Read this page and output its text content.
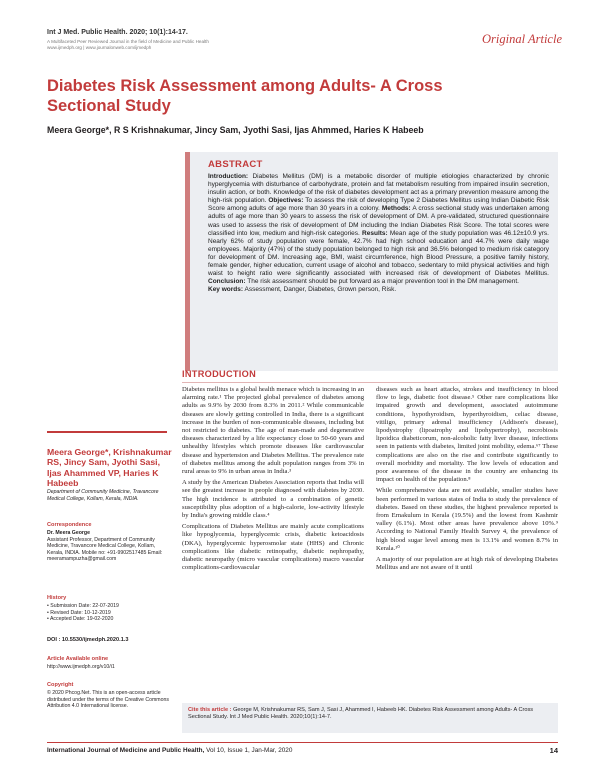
Int J Med. Public Health. 2020; 10(1):14-17.
A Multifaceted Peer Reviewed Journal in the field of Medicine and Public Health
www.ijmedph.org | www.journalonweb.com/ijmedph
Original Article
Diabetes Risk Assessment among Adults- A Cross Sectional Study
Meera George*, R S Krishnakumar, Jincy Sam, Jyothi Sasi, Ijas Ahmmed, Haries K Habeeb
ABSTRACT
Introduction: Diabetes Mellitus (DM) is a metabolic disorder of multiple etiologies characterized by chronic hyperglycemia with disturbance of carbohydrate, protein and fat metabolism resulting from impaired insulin secretion, insulin action, or both. Knowledge of the risk of diabetes development act as a primary prevention measure among the high-risk population. Objectives: To assess the risk of developing Type 2 Diabetes Mellitus using Indian Diabetic Risk Score among adults of age more than 30 years in a colony. Methods: A cross sectional study was undertaken among adults of age more than 30 years to assess the risk of development of DM. A pre-validated, structured questionnaire was used to assess the risk of development of DM including the Indian Diabetes Risk Score. The total scores were classified into low, medium and high-risk categories. Results: Mean age of the study population was 46.12±10.9 yrs. Nearly 62% of study population were female, 42.7% had high school education and 44.7% were daily wage employees. Majority (47%) of the study population belonged to high risk and 36.5% belonged to medium risk category for development of DM. Increasing age, BMI, waist circumference, high Blood Pressure, a positive family history, female gender, higher education, current usage of alcohol and tobacco, sedentary to mild physical activities and high waist to height ratio were significantly associated with increased risk of development of Diabetes Mellitus. Conclusion: The risk assessment should be put forward as a major prevention tool in the DM management.
Key words: Assessment, Danger, Diabetes, Grown person, Risk.
Meera George*, Krishnakumar RS, Jincy Sam, Jyothi Sasi, Ijas Ahammed VP, Haries K Habeeb
Department of Community Medicine, Travancore Medical College, Kollam, Kerala, INDIA.
Correspondence
Dr. Meera George
Assistant Professor, Department of Community Medicine, Travancore Medical College, Kollam, Kerala, INDIA. Mobile no: +91-9902517485 Email: meeramampuzha@gmail.com
History
• Submission Date: 22-07-2019
• Revised Date: 10-12-2019
• Accepted Date: 19-02-2020
DOI : 10.5530/ijmedph.2020.1.3
Article Available online
http://www.ijmedph.org/v10/i1
Copyright
© 2020 Phcog.Net. This is an open-access article distributed under the terms of the Creative Commons Attribution 4.0 International license.
INTRODUCTION

Diabetes mellitus is a global health menace which is increasing in an alarming rate.¹ The projected global prevalence of diabetes among adults as 9.9% by 2030 from 8.3% in 2011.² While communicable diseases are slowly getting controlled in India, there is a significant increase in the burden of non-communicable diseases, including but not restricted to diabetes. The age of man-made and degenerative diseases characterized by a life expectancy close to 50-60 years and unhealthy lifestyles which promote diseases like cardiovascular disease and hypertension and Diabetes Mellitus. The prevalence rate of diabetes mellitus among the adult population ranges from 3% in rural areas to 9% in urban areas in India.³

A study by the American Diabetes Association reports that India will see the greatest increase in people diagnosed with diabetes by 2030. The high incidence is attributed to a combination of genetic susceptibility plus adoption of a high-calorie, low-activity lifestyle by India's growing middle class.⁴

Complications of Diabetes Mellitus are mainly acute complications like hypoglycemia, hyperglycemic crisis, diabetic ketoacidosis (DKA), hyperglycemic hyperosmolar state (HHS) and Chronic complications like diabetic retinopathy, diabetic nephropathy, diabetic neuropathy (micro vascular complications) macro vascular complications-cardiovascular

diseases such as heart attacks, strokes and insufficiency in blood flow to legs, diabetic foot disease.⁵ Other rare complications like impaired growth and development, associated autoimmune conditions, hypothyroidism, hyperthyroidism, celiac disease, vitiligo, primary adrenal insufficiency (Addison's disease), lipodystrophy (lipoatrophy and lipohypertrophy), necrobiosis lipoidica diabeticorum, non-alcoholic fatty liver disease, infections seen in patients with diabetes, limited joint mobility, edema.⁶⁷ These complications are also on the rise and contribute significantly to overall morbidity and mortality. The low levels of education and poor awareness of the disease in the country are enhancing its impact on health of the population.⁸

While comprehensive data are not available, smaller studies have been performed in various states of India to study the prevalence of diabetes. Based on these studies, the highest prevalence reported is from Ernakulum in Kerala (19.5%) and the lowest from Kashmir valley (6.1%). Most other areas have prevalence above 10%.⁹ According to National Family Health Survey 4, the prevalence of high blood sugar level among men is 13.1% and women 8.7% in Kerala.¹⁰

A majority of our population are at high risk of developing Diabetes Mellitus and are not aware of it until

Cite this article : George M, Krishnakumar RS, Sam J, Sasi J, Ahammed I, Habeeb HK. Diabetes Risk Assessment among Adults- A Cross Sectional Study. Int J Med Public Health. 2020;10(1):14-7.
International Journal of Medicine and Public Health, Vol 10, Issue 1, Jan-Mar, 2020	14
